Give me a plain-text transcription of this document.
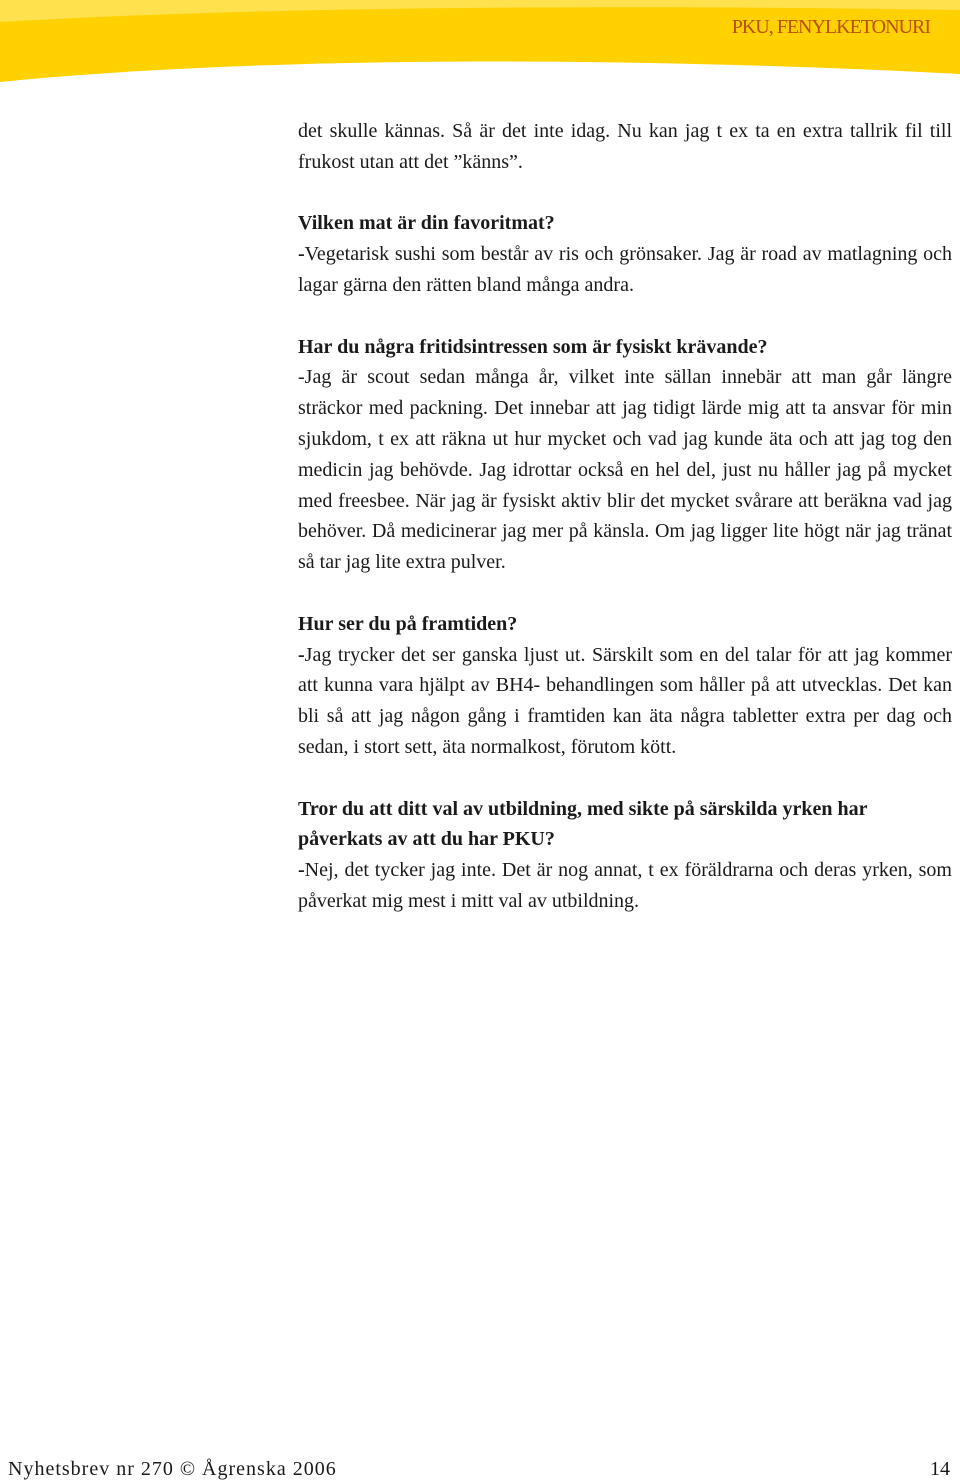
PKU, FENYLKETONURI

det skulle kännas. Så är det inte idag. Nu kan jag t ex ta en extra tallrik fil till frukost utan att det ”känns”.

Vilken mat är din favoritmat?
-Vegetarisk sushi som består av ris och grönsaker. Jag är road av matlagning och lagar gärna den rätten bland många andra.

Har du några fritidsintressen som är fysiskt krävande?
-Jag är scout sedan många år, vilket inte sällan innebär att man går längre sträckor med packning. Det innebar att jag tidigt lärde mig att ta ansvar för min sjukdom, t ex att räkna ut hur mycket och vad jag kunde äta och att jag tog den medicin jag behövde. Jag idrottar också en hel del, just nu håller jag på mycket med freesbee. När jag är fysiskt aktiv blir det mycket svårare att beräkna vad jag behöver. Då medicinerar jag mer på känsla. Om jag ligger lite högt när jag tränat så tar jag lite extra pulver.

Hur ser du på framtiden?
-Jag trycker det ser ganska ljust ut. Särskilt som en del talar för att jag kommer att kunna vara hjälpt av BH4- behandlingen som håller på att utvecklas. Det kan bli så att jag någon gång i framtiden kan äta några tabletter extra per dag och sedan, i stort sett, äta normalkost, förutom kött.

Tror du att ditt val av utbildning, med sikte på särskilda yrken har påverkats av att du har PKU?
-Nej, det tycker jag inte. Det är nog annat, t ex föräldrarna och deras yrken, som påverkat mig mest i mitt val av utbildning.

Nyhetsbrev nr 270 © Ågrenska 2006	14
